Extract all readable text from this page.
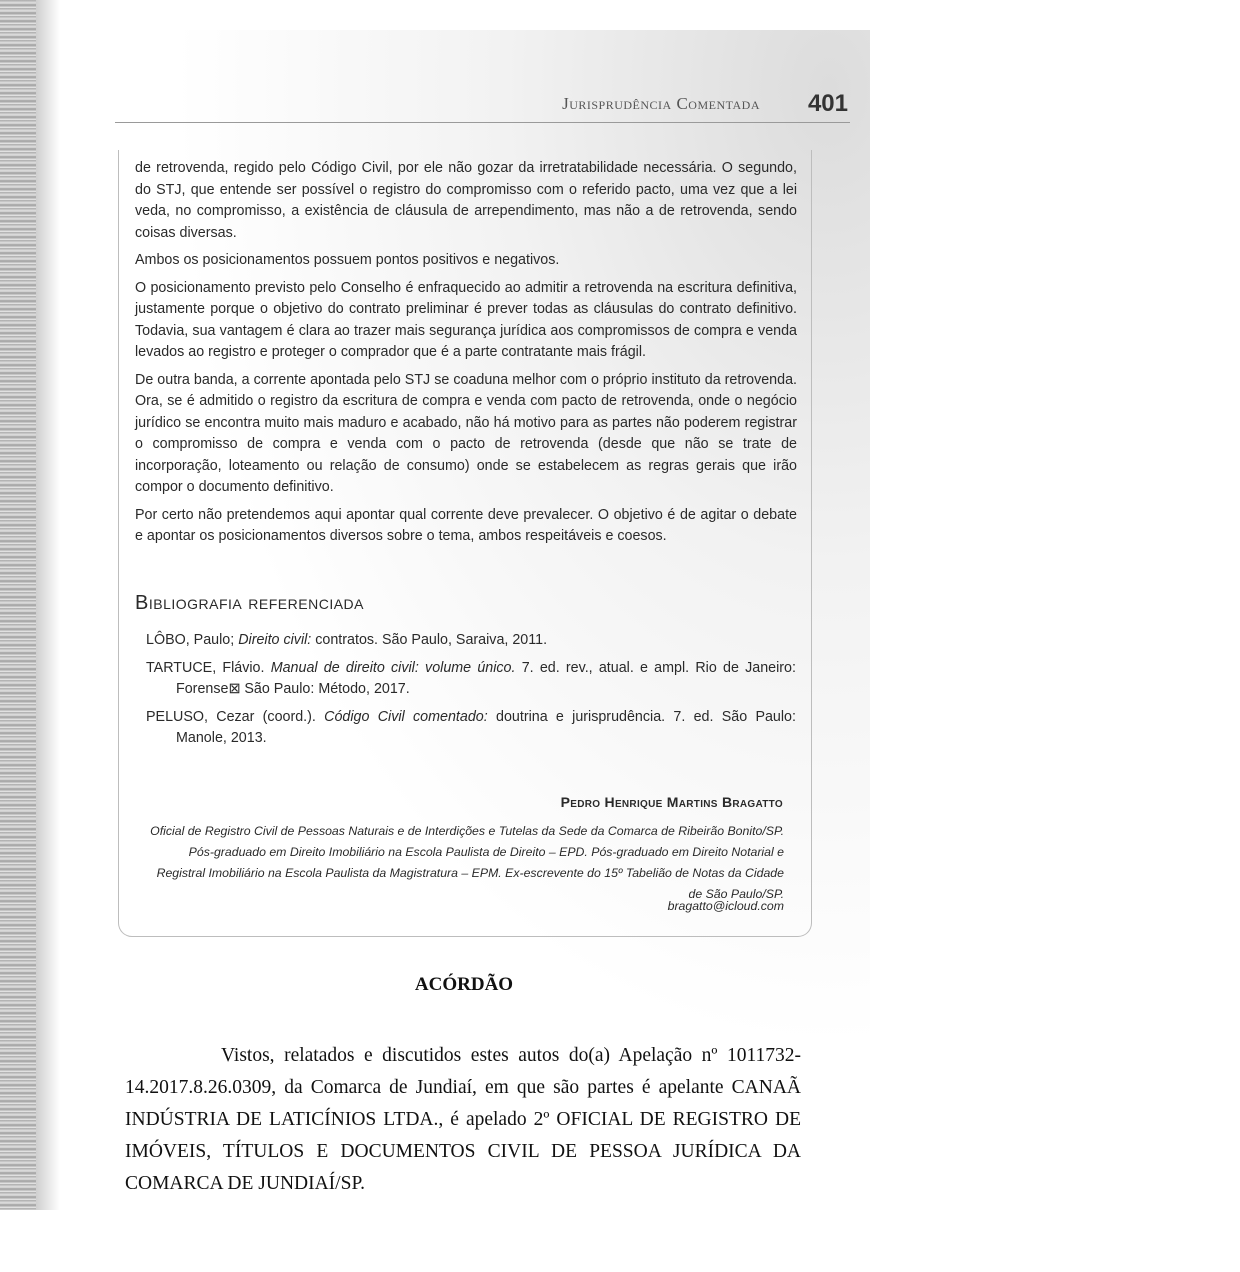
Jurisprudência Comentada 401

de retrovenda, regido pelo Código Civil, por ele não gozar da irretratabilidade necessária. O segundo, do STJ, que entende ser possível o registro do compromisso com o referido pacto, uma vez que a lei veda, no compromisso, a existência de cláusula de arrependimento, mas não a de retrovenda, sendo coisas diversas.

Ambos os posicionamentos possuem pontos positivos e negativos.

O posicionamento previsto pelo Conselho é enfraquecido ao admitir a retrovenda na escritura definitiva, justamente porque o objetivo do contrato preliminar é prever todas as cláusulas do contrato definitivo. Todavia, sua vantagem é clara ao trazer mais segurança jurídica aos compromissos de compra e venda levados ao registro e proteger o comprador que é a parte contratante mais frágil.

De outra banda, a corrente apontada pelo STJ se coaduna melhor com o próprio instituto da retrovenda. Ora, se é admitido o registro da escritura de compra e venda com pacto de retrovenda, onde o negócio jurídico se encontra muito mais maduro e acabado, não há motivo para as partes não poderem registrar o compromisso de compra e venda com o pacto de retrovenda (desde que não se trate de incorporação, loteamento ou relação de consumo) onde se estabelecem as regras gerais que irão compor o documento definitivo.

Por certo não pretendemos aqui apontar qual corrente deve prevalecer. O objetivo é de agitar o debate e apontar os posicionamentos diversos sobre o tema, ambos respeitáveis e coesos.

Bibliografia referenciada
LÔBO, Paulo; Direito civil: contratos. São Paulo, Saraiva, 2011.
TARTUCE, Flávio. Manual de direito civil: volume único. 7. ed. rev., atual. e ampl. Rio de Janeiro: Forense⊠ São Paulo: Método, 2017.
PELUSO, Cezar (coord.). Código Civil comentado: doutrina e jurisprudência. 7. ed. São Paulo: Manole, 2013.
Pedro Henrique Martins Bragatto
Oficial de Registro Civil de Pessoas Naturais e de Interdições e Tutelas da Sede da Comarca de Ribeirão Bonito/SP. Pós-graduado em Direito Imobiliário na Escola Paulista de Direito – EPD. Pós-graduado em Direito Notarial e Registral Imobiliário na Escola Paulista da Magistratura – EPM. Ex-escrevente do 15º Tabelião de Notas da Cidade de São Paulo/SP.
bragatto@icloud.com
ACÓRDÃO
Vistos, relatados e discutidos estes autos do(a) Apelação nº 1011732-14.2017.8.26.0309, da Comarca de Jundiaí, em que são partes é apelante CANAÃ INDÚSTRIA DE LATICÍNIOS LTDA., é apelado 2º OFICIAL DE REGISTRO DE IMÓVEIS, TÍTULOS E DOCUMENTOS CIVIL DE PESSOA JURÍDICA DA COMARCA DE JUNDIAÍ/SP.
